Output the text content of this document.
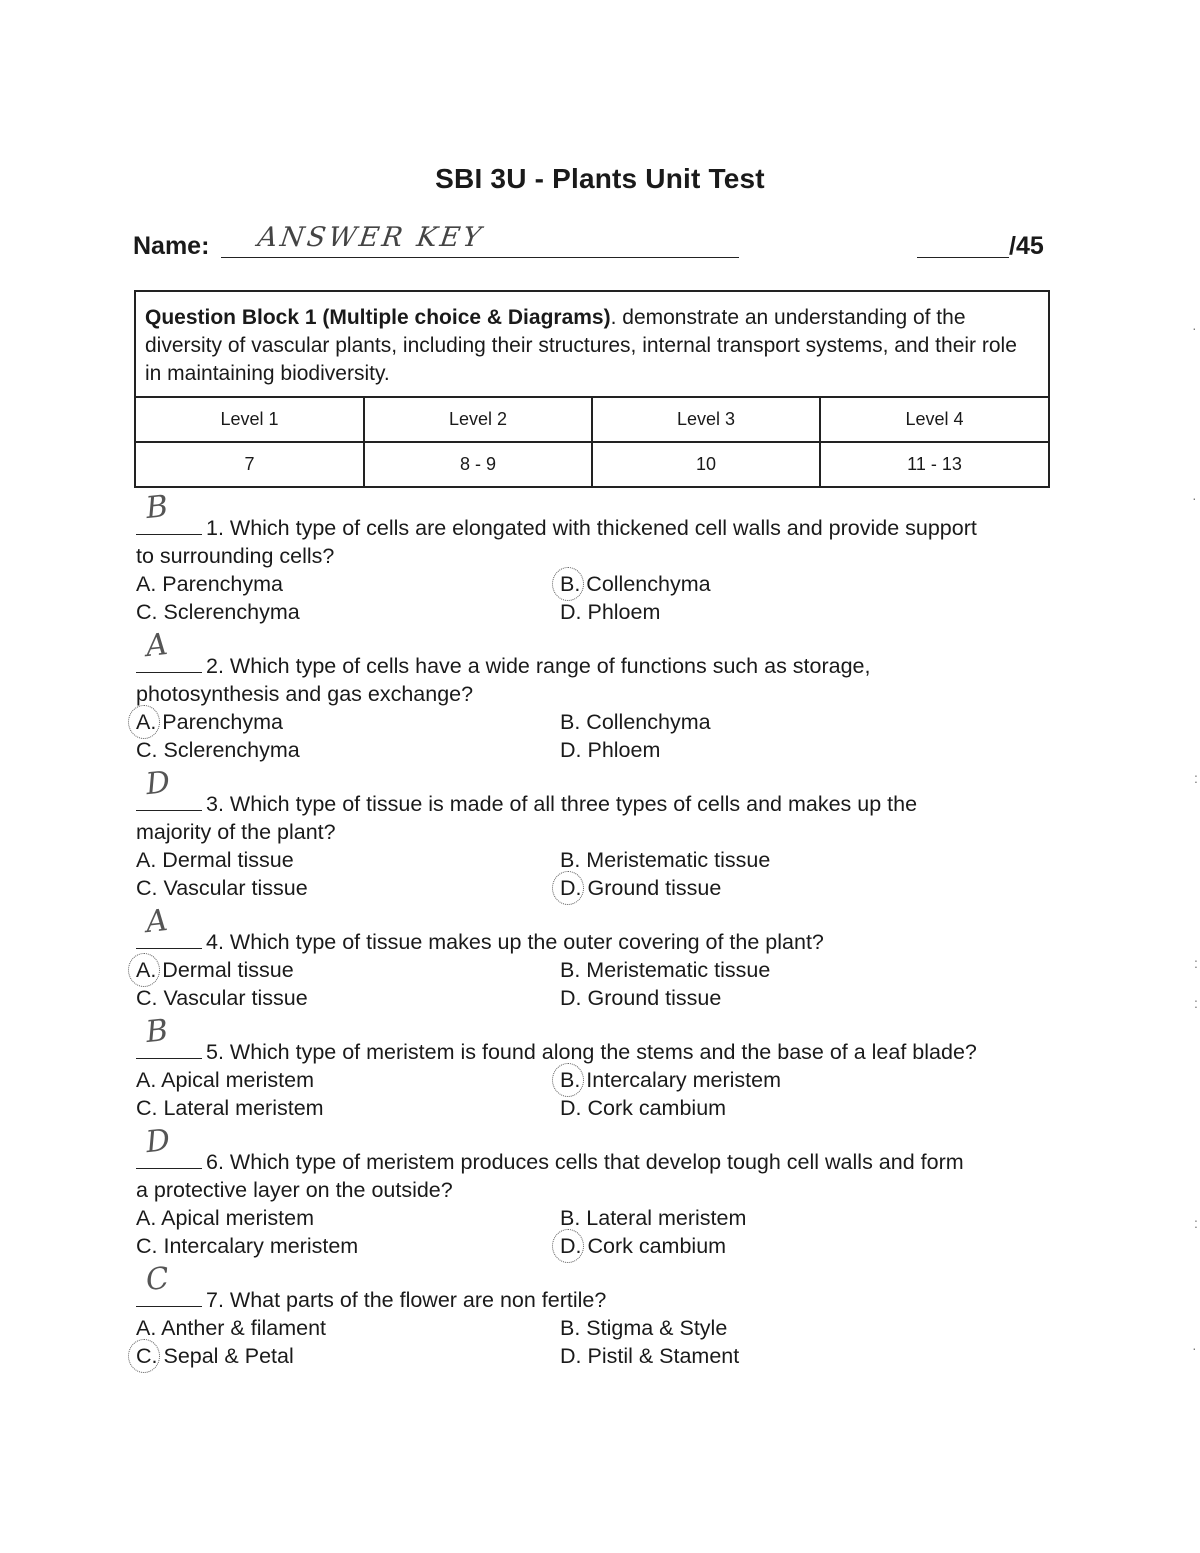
SBI 3U - Plants Unit Test
Name: ANSWER KEY	/45
Question Block 1 (Multiple choice & Diagrams). demonstrate an understanding of the diversity of vascular plants, including their structures, internal transport systems, and their role in maintaining biodiversity.
Level 1	Level 2	Level 3	Level 4
7	8 - 9	10	11 - 13
B
1. Which type of cells are elongated with thickened cell walls and provide support
to surrounding cells?
A. Parenchyma	B. Collenchyma
C. Sclerenchyma	D. Phloem
A
2. Which type of cells have a wide range of functions such as storage,
photosynthesis and gas exchange?
A. Parenchyma	B. Collenchyma
C. Sclerenchyma	D. Phloem
D
3. Which type of tissue is made of all three types of cells and makes up the
majority of the plant?
A. Dermal tissue	B. Meristematic tissue
C. Vascular tissue	D. Ground tissue
A
4. Which type of tissue makes up the outer covering of the plant?
A. Dermal tissue	B. Meristematic tissue
C. Vascular tissue	D. Ground tissue
B
5. Which type of meristem is found along the stems and the base of a leaf blade?
A. Apical meristem	B. Intercalary meristem
C. Lateral meristem	D. Cork cambium
D
6. Which type of meristem produces cells that develop tough cell walls and form
a protective layer on the outside?
A. Apical meristem	B. Lateral meristem
C. Intercalary meristem	D. Cork cambium
C
7. What parts of the flower are non fertile?
A. Anther & filament	B. Stigma & Style
C. Sepal & Petal	D. Pistil & Stament
·
·
:
:
:
:
·
